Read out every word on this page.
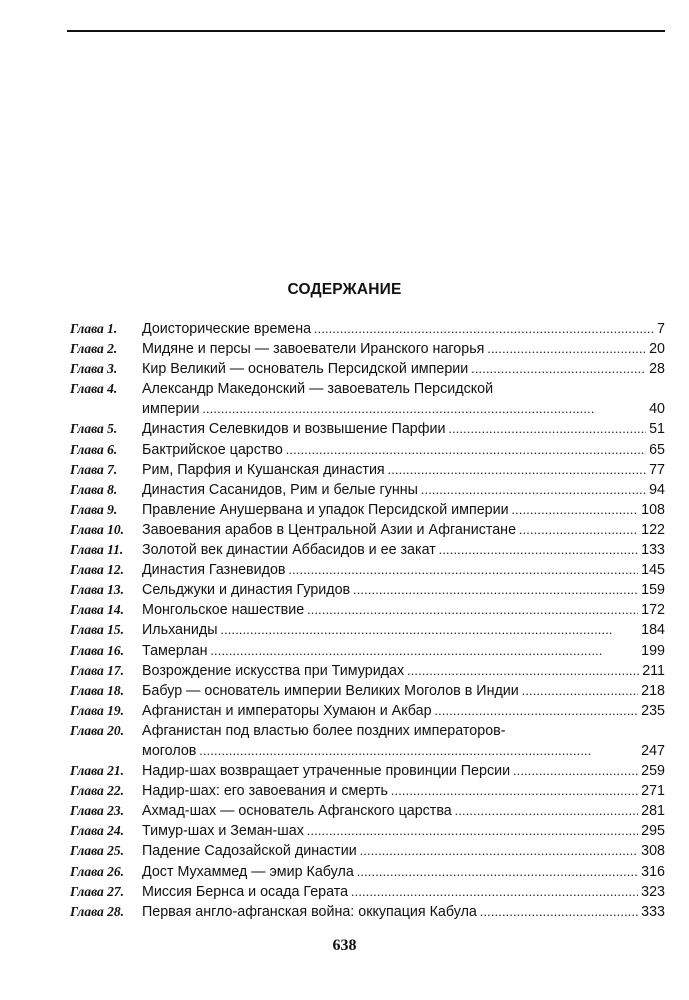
СОДЕРЖАНИЕ
Глава 1.	Доисторические времена . . .	7
Глава 2.	Мидяне и персы — завоеватели Иранского нагорья . . .	20
Глава 3.	Кир Великий — основатель Персидской империи . . .	28
Глава 4.	Александр Македонский — завоеватель Персидской
империи . . .	40
Глава 5.	Династия Селевкидов и возвышение Парфии . . .	51
Глава 6.	Бактрийское царство . . .	65
Глава 7.	Рим, Парфия и Кушанская династия . . .	77
Глава 8.	Династия Сасанидов, Рим и белые гунны . . .	94
Глава 9.	Правление Анушервана и упадок Персидской империи . . .	108
Глава 10.	Завоевания арабов в Центральной Азии и Афганистане . . .	122
Глава 11.	Золотой век династии Аббасидов и ее закат . . .	133
Глава 12.	Династия Газневидов . . .	145
Глава 13.	Сельджуки и династия Гуридов . . .	159
Глава 14.	Монгольское нашествие . . .	172
Глава 15.	Ильханиды . . .	184
Глава 16.	Тамерлан . . .	199
Глава 17.	Возрождение искусства при Тимуридах . . .	211
Глава 18.	Бабур — основатель империи Великих Моголов в Индии . . .	218
Глава 19.	Афганистан и императоры Хумаюн и Акбар . . .	235
Глава 20.	Афганистан под властью более поздних императоров-
моголов . . .	247
Глава 21.	Надир-шах возвращает утраченные провинции Персии . . .	259
Глава 22.	Надир-шах: его завоевания и смерть . . .	271
Глава 23.	Ахмад-шах — основатель Афганского царства . . .	281
Глава 24.	Тимур-шах и Земан-шах . . .	295
Глава 25.	Падение Садозайской династии . . .	308
Глава 26.	Дост Мухаммед — эмир Кабула . . .	316
Глава 27.	Миссия Бернса и осада Герата . . .	323
Глава 28.	Первая англо-афганская война: оккупация Кабула . . .	333
638
